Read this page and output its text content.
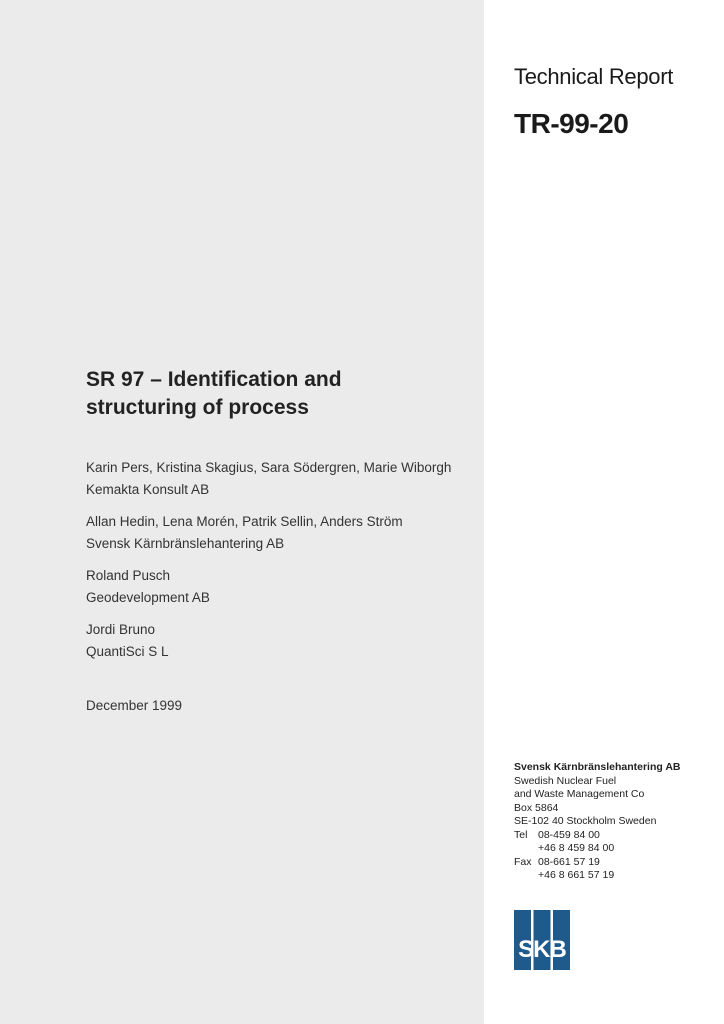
Technical Report
TR-99-20
SR 97 – Identification and
structuring of process
Karin Pers, Kristina Skagius, Sara Södergren, Marie Wiborgh
Kemakta Konsult AB
Allan Hedin, Lena Morén, Patrik Sellin, Anders Ström
Svensk Kärnbränslehantering AB
Roland Pusch
Geodevelopment AB
Jordi Bruno
QuantiSci S L
December 1999
Svensk Kärnbränslehantering AB
Swedish Nuclear Fuel
and Waste Management Co
Box 5864
SE-102 40 Stockholm Sweden
Tel 08-459 84 00
+46 8 459 84 00
Fax 08-661 57 19
+46 8 661 57 19
SKB
